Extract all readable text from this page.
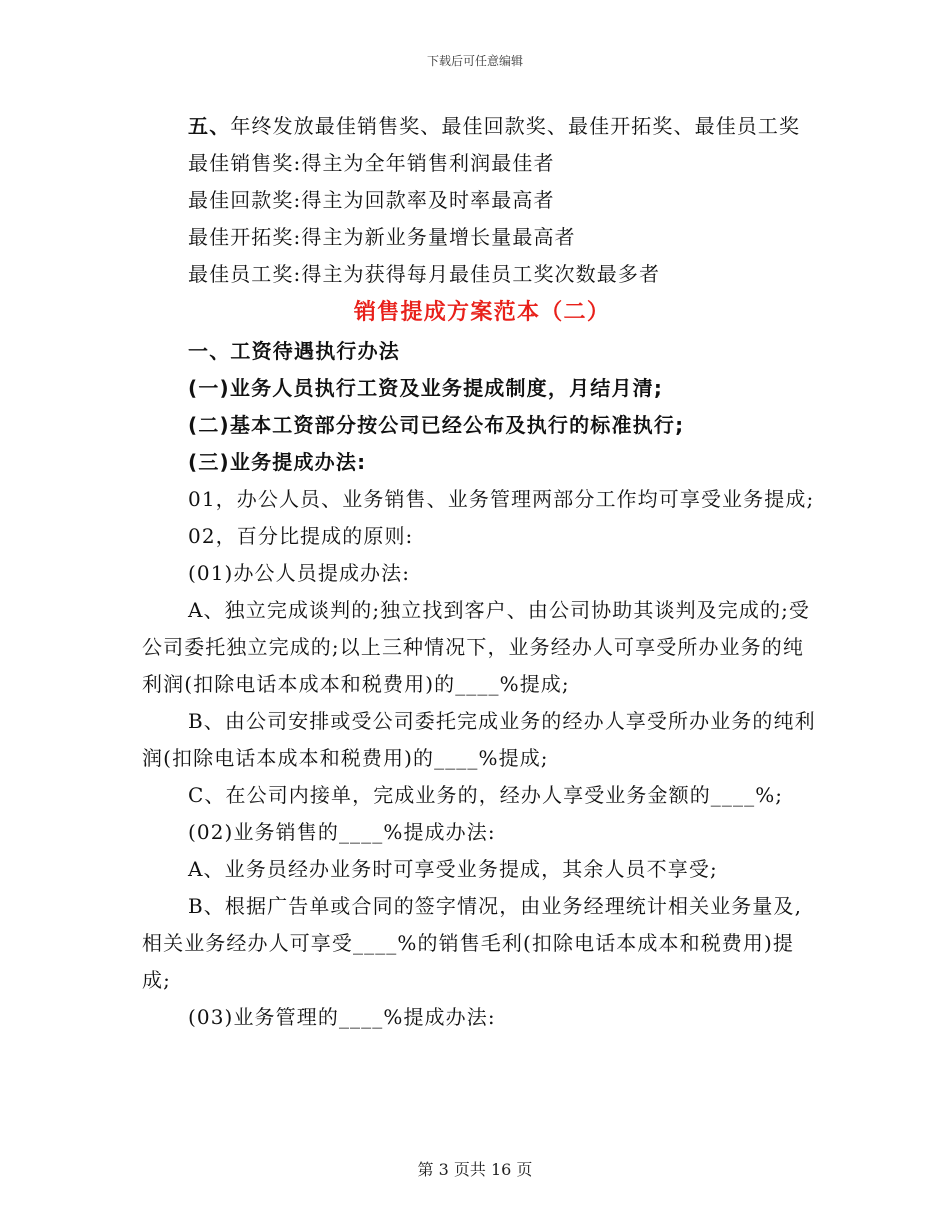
下载后可任意编辑

五、年终发放最佳销售奖、最佳回款奖、最佳开拓奖、最佳员工奖

最佳销售奖:得主为全年销售利润最佳者

最佳回款奖:得主为回款率及时率最高者

最佳开拓奖:得主为新业务量增长量最高者

最佳员工奖:得主为获得每月最佳员工奖次数最多者

销售提成方案范本（二）

一、工资待遇执行办法

(一)业务人员执行工资及业务提成制度，月结月清;

(二)基本工资部分按公司已经公布及执行的标准执行;

(三)业务提成办法:

01，办公人员、业务销售、业务管理两部分工作均可享受业务提成;

02，百分比提成的原则:

(01)办公人员提成办法:

A、独立完成谈判的;独立找到客户、由公司协助其谈判及完成的;受公司委托独立完成的;以上三种情况下，业务经办人可享受所办业务的纯利润(扣除电话本成本和税费用)的____%提成;

B、由公司安排或受公司委托完成业务的经办人享受所办业务的纯利润(扣除电话本成本和税费用)的____%提成;

C、在公司内接单，完成业务的，经办人享受业务金额的____%;

(02)业务销售的____%提成办法:

A、业务员经办业务时可享受业务提成，其余人员不享受;

B、根据广告单或合同的签字情况，由业务经理统计相关业务量及,相关业务经办人可享受____%的销售毛利(扣除电话本成本和税费用)提成;

(03)业务管理的____%提成办法:

第 3 页共 16 页
